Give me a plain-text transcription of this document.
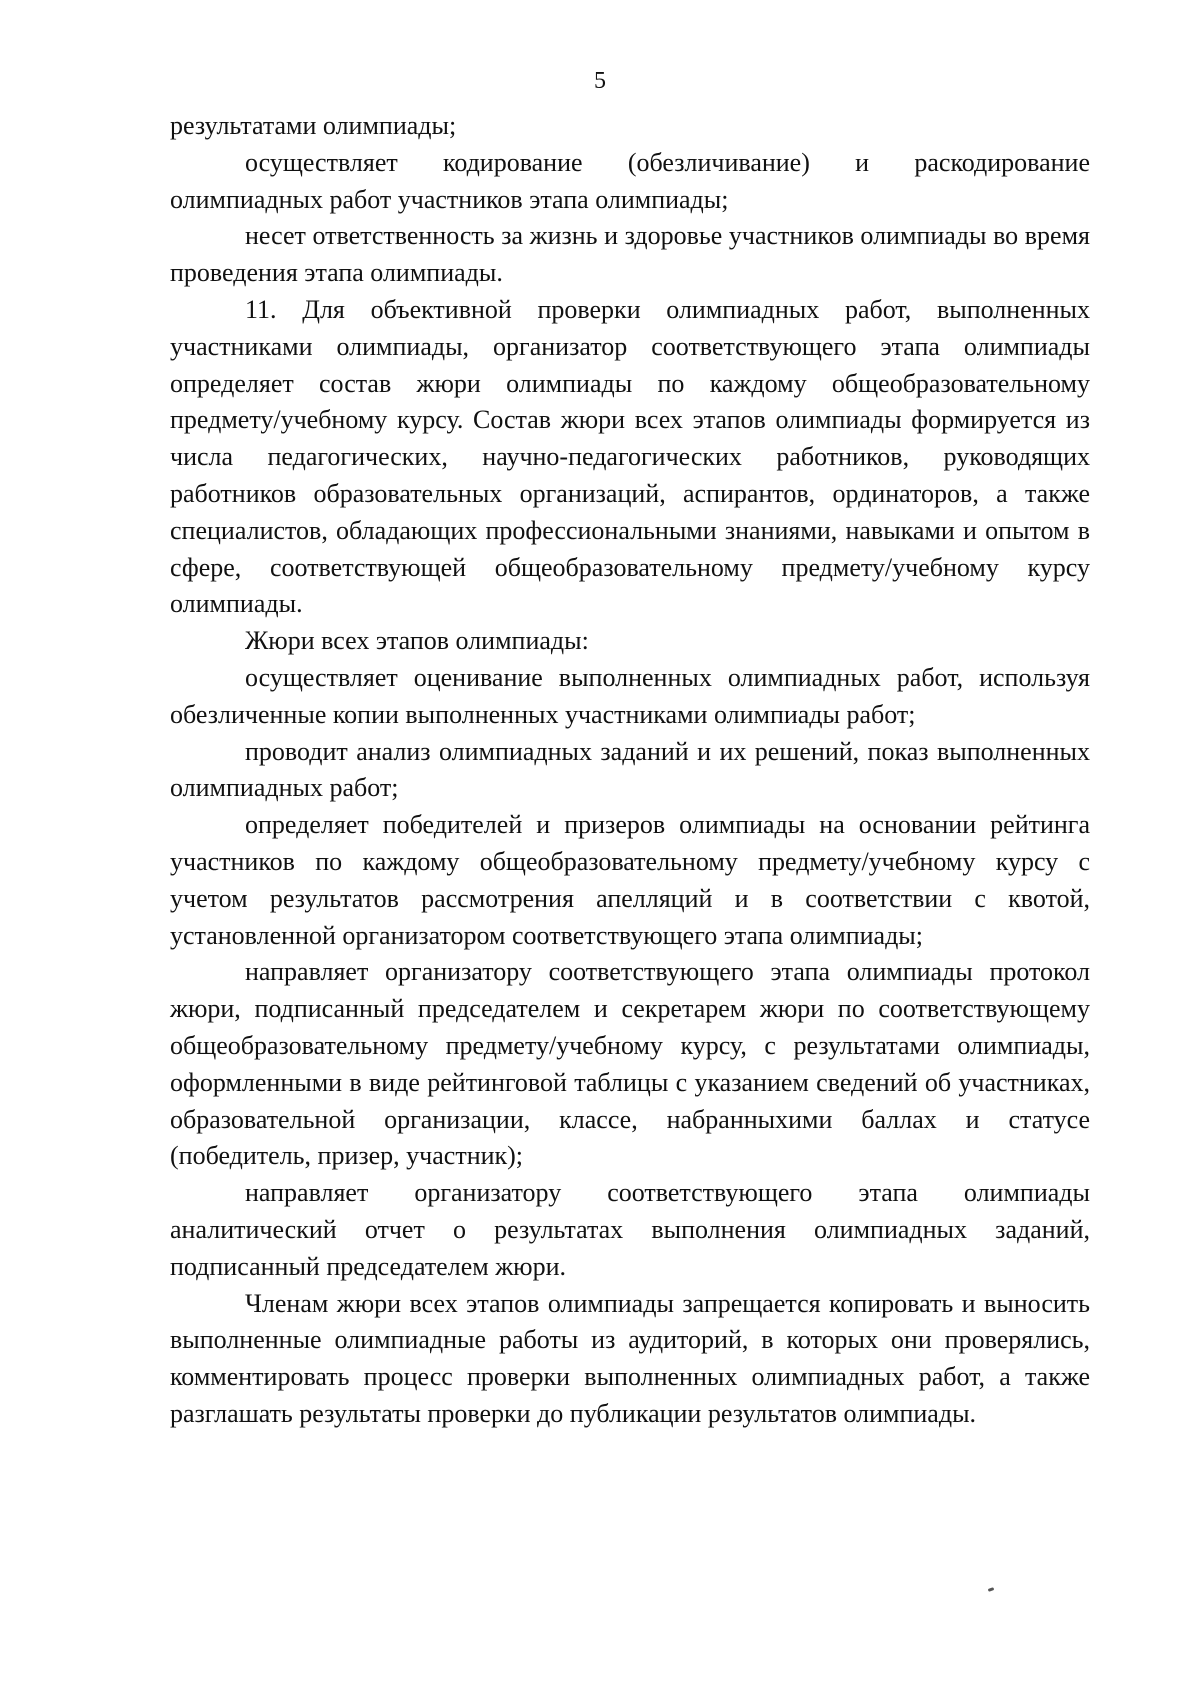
5

результатами олимпиады;

осуществляет кодирование (обезличивание) и раскодирование олимпиадных работ участников этапа олимпиады;

несет ответственность за жизнь и здоровье участников олимпиады во время проведения этапа олимпиады.

11. Для объективной проверки олимпиадных работ, выполненных участниками олимпиады, организатор соответствующего этапа олимпиады определяет состав жюри олимпиады по каждому общеобразовательному предмету/учебному курсу. Состав жюри всех этапов олимпиады формируется из числа педагогических, научно-педагогических работников, руководящих работников образовательных организаций, аспирантов, ординаторов, а также специалистов, обладающих профессиональными знаниями, навыками и опытом в сфере, соответствующей общеобразовательному предмету/учебному курсу олимпиады.

Жюри всех этапов олимпиады:

осуществляет оценивание выполненных олимпиадных работ, используя обезличенные копии выполненных участниками олимпиады работ;

проводит анализ олимпиадных заданий и их решений, показ выполненных олимпиадных работ;

определяет победителей и призеров олимпиады на основании рейтинга участников по каждому общеобразовательному предмету/учебному курсу с учетом результатов рассмотрения апелляций и в соответствии с квотой, установленной организатором соответствующего этапа олимпиады;

направляет организатору соответствующего этапа олимпиады протокол жюри, подписанный председателем и секретарем жюри по соответствующему общеобразовательному предмету/учебному курсу, с результатами олимпиады, оформленными в виде рейтинговой таблицы с указанием сведений об участниках, образовательной организации, классе, набранныхими баллах и статусе (победитель, призер, участник);

направляет организатору соответствующего этапа олимпиады аналитический отчет о результатах выполнения олимпиадных заданий, подписанный председателем жюри.

Членам жюри всех этапов олимпиады запрещается копировать и выносить выполненные олимпиадные работы из аудиторий, в которых они проверялись, комментировать процесс проверки выполненных олимпиадных работ, а также разглашать результаты проверки до публикации результатов олимпиады.
